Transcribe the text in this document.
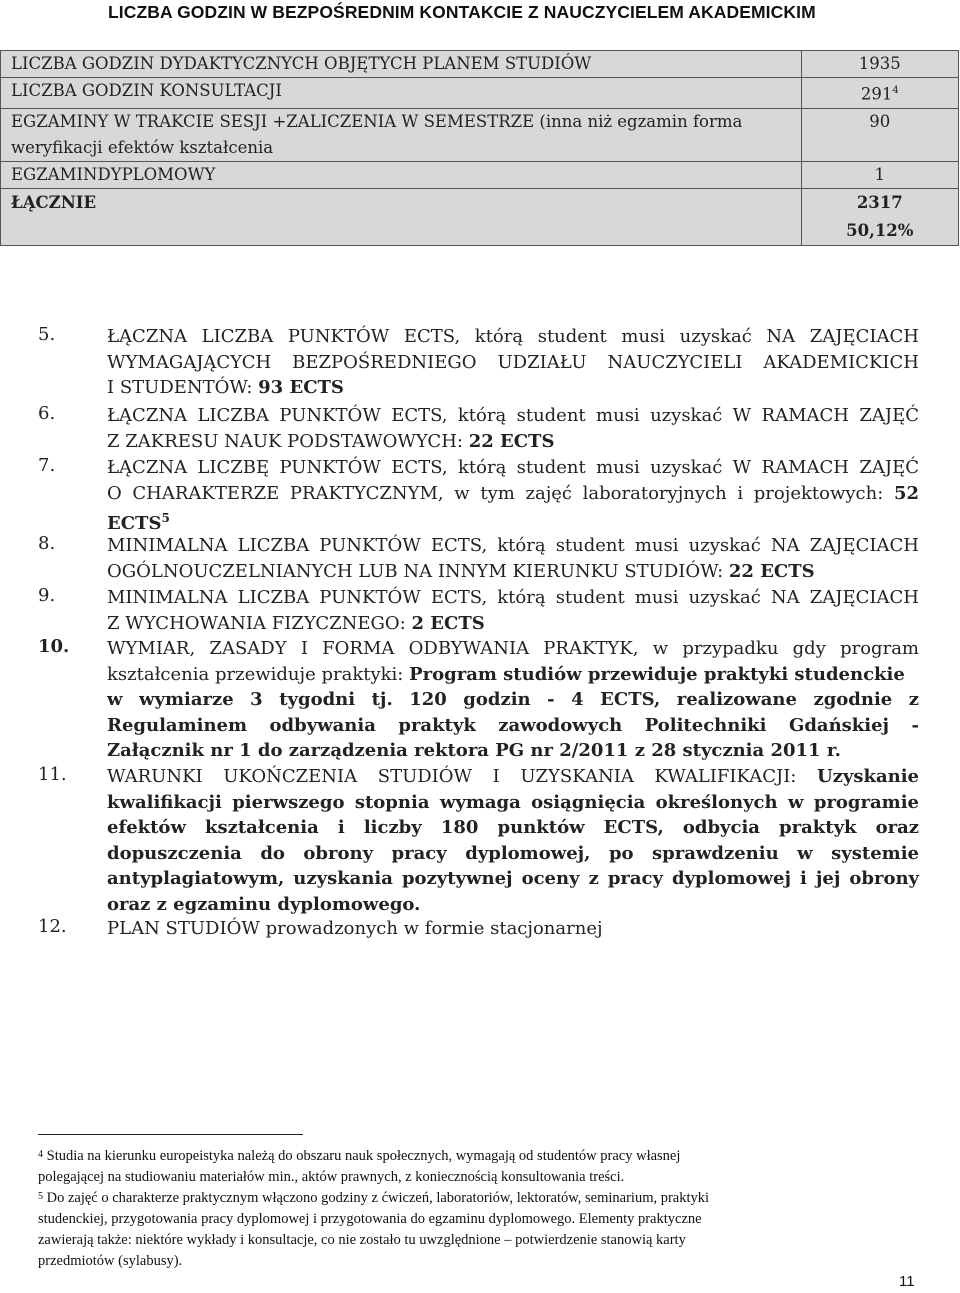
LICZBA GODZIN W BEZPOŚREDNIM KONTAKCIE Z NAUCZYCIELEM AKADEMICKIM
LICZBA GODZIN DYDAKTYCZNYCH OBJĘTYCH PLANEM STUDIÓW	1935
LICZBA GODZIN KONSULTACJI	$291^4$

EGZAMINY W TRAKCIE SESJI +ZALICZENIA W SEMESTRZE (inna niż egzamin forma
weryfikacji efektów kształcenia	90
EGZAMINDYPLOMOWY	1
ŁĄCZNIE	2317
50,12%
5.	ŁĄCZNA LICZBA PUNKTÓW ECTS, którą student musi uzyskać NA ZAJĘCIACH
WYMAGAJĄCYCH BEZPOŚREDNIEGO UDZIAŁU NAUCZYCIELI AKADEMICKICH
I STUDENTÓW: 93 ECTS
6.	ŁĄCZNA LICZBA PUNKTÓW ECTS, którą student musi uzyskać W RAMACH ZAJĘĆ
Z ZAKRESU NAUK PODSTAWOWYCH: 22 ECTS
7.	ŁĄCZNA LICZBĘ PUNKTÓW ECTS, którą student musi uzyskać W RAMACH ZAJĘĆ
O CHARAKTERZE PRAKTYCZNYM, w tym zajęć laboratoryjnych i projektowych: 52
ECTS$^5$
8.	MINIMALNA LICZBA PUNKTÓW ECTS, którą student musi uzyskać NA ZAJĘCIACH
OGÓLNOUCZELNIANYCH LUB NA INNYM KIERUNKU STUDIÓW: 22 ECTS
9.	MINIMALNA LICZBA PUNKTÓW ECTS, którą student musi uzyskać NA ZAJĘCIACH
Z WYCHOWANIA FIZYCZNEGO: 2 ECTS
10. WYMIAR, ZASADY I FORMA ODBYWANIA PRAKTYK, w przypadku gdy program
kształcenia przewiduje praktyki: Program studiów przewiduje praktyki studenckie
w wymiarze 3 tygodni tj. 120 godzin - 4 ECTS, realizowane zgodnie z
Regulaminem odbywania praktyk zawodowych Politechniki Gdańskiej -
Załącznik nr 1 do zarządzenia rektora PG nr 2/2011 z 28 stycznia 2011 r.
11. WARUNKI UKOŃCZENIA STUDIÓW I UZYSKANIA KWALIFIKACJI: Uzyskanie
kwalifikacji pierwszego stopnia wymaga osiągnięcia określonych w programie
efektów kształcenia i liczby 180 punktów ECTS, odbycia praktyk oraz
dopuszczenia do obrony pracy dyplomowej, po sprawdzeniu w systemie
antyplagiatowym, uzyskania pozytywnej oceny z pracy dyplomowej i jej obrony
oraz z egzaminu dyplomowego.
12. PLAN STUDIÓW prowadzonych w formie stacjonarnej
$^4$ Studia na kierunku europeistyka należą do obszaru nauk społecznych, wymagają od studentów pracy własnej
polegającej na studiowaniu materiałów min., aktów prawnych, z koniecznością konsultowania treści.
$^5$ Do zajęć o charakterze praktycznym włączono godziny z ćwiczeń, laboratoriów, lektoratów, seminarium, praktyki
studenckiej, przygotowania pracy dyplomowej i przygotowania do egzaminu dyplomowego. Elementy praktyczne
zawierają także: niektóre wykłady i konsultacje, co nie zostało tu uwzględnione – potwierdzenie stanowią karty
przedmiotów (sylabusy).
11
